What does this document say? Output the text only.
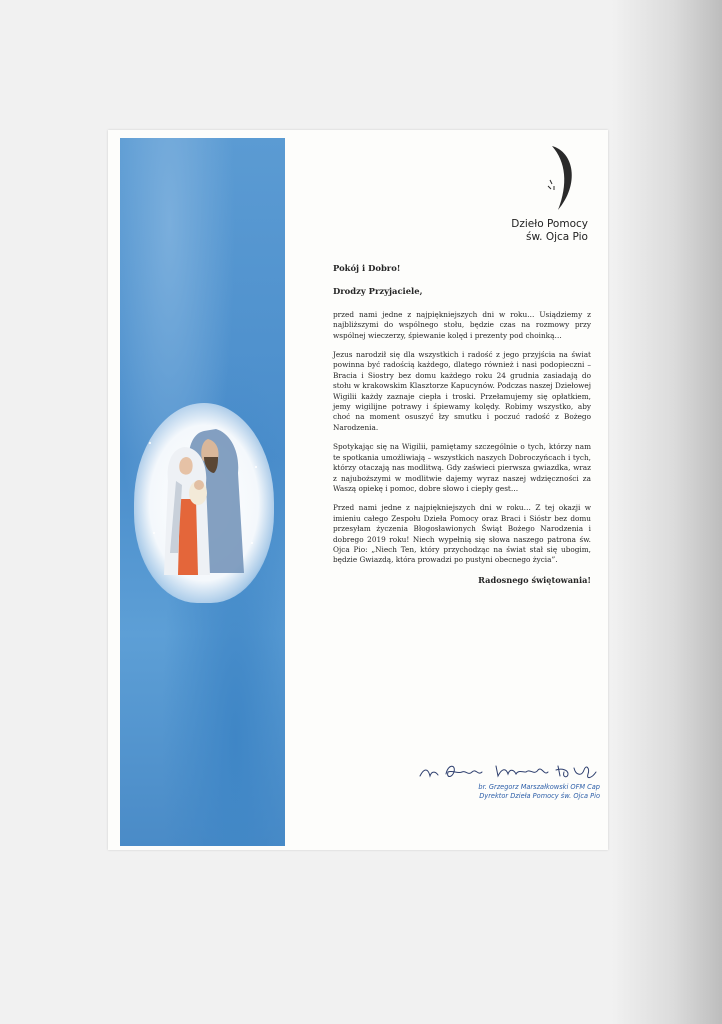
Dzieło Pomocy
św. Ojca Pio

Pokój i Dobro!

Drodzy Przyjaciele,

przed nami jedne z najpiękniejszych dni w roku… Usiądziemy z najbliższymi do wspólnego stołu, będzie czas na rozmowy przy wspólnej wieczerzy, śpiewanie kolęd i prezenty pod choinką…

Jezus narodził się dla wszystkich i radość z jego przyjścia na świat powinna być radością każdego, dlatego również i nasi podopieczni – Bracia i Siostry bez domu każdego roku 24 grudnia zasiadają do stołu w krakowskim Klasztorze Kapucynów. Podczas naszej Dziełowej Wigilii każdy zaznaje ciepła i troski. Przełamujemy się opłatkiem, jemy wigilijne potrawy i śpiewamy kolędy. Robimy wszystko, aby choć na moment osuszyć łzy smutku i poczuć radość z Bożego Narodzenia.

Spotykając się na Wigilii, pamiętamy szczególnie o tych, którzy nam te spotkania umożliwiają – wszystkich naszych Dobroczyńcach i tych, którzy otaczają nas modlitwą. Gdy zaświeci pierwsza gwiazdka, wraz z najuboższymi w modlitwie dajemy wyraz naszej wdzięczności za Waszą opiekę i pomoc, dobre słowo i ciepły gest…

Przed nami jedne z najpiękniejszych dni w roku… Z tej okazji w imieniu całego Zespołu Dzieła Pomocy oraz Braci i Sióstr bez domu przesyłam życzenia Błogosławionych Świąt Bożego Narodzenia i dobrego 2019 roku! Niech wypełnią się słowa naszego patrona św. Ojca Pio: „Niech Ten, który przychodząc na świat stał się ubogim, będzie Gwiazdą, która prowadzi po pustyni obecnego życia”.

Radosnego świętowania!

br. Grzegorz Marszałkowski OFM Cap
Dyrektor Dzieła Pomocy św. Ojca Pio
